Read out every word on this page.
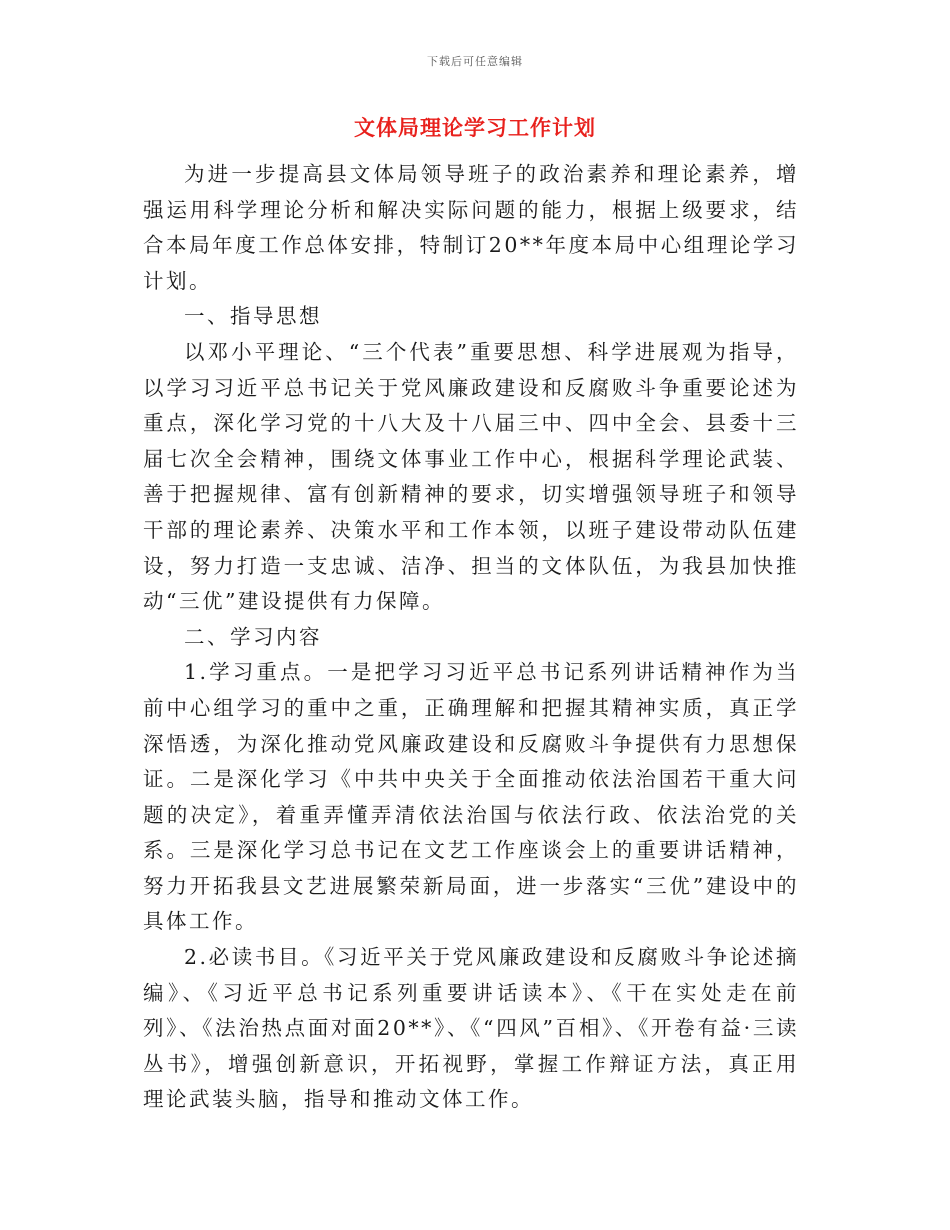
下载后可任意编辑
文体局理论学习工作计划

为进一步提高县文体局领导班子的政治素养和理论素养，增强运用科学理论分析和解决实际问题的能力，根据上级要求，结合本局年度工作总体安排，特制订20**年度本局中心组理论学习计划。

一、指导思想

以邓小平理论、“三个代表”重要思想、科学进展观为指导，以学习习近平总书记关于党风廉政建设和反腐败斗争重要论述为重点，深化学习党的十八大及十八届三中、四中全会、县委十三届七次全会精神，围绕文体事业工作中心，根据科学理论武装、善于把握规律、富有创新精神的要求，切实增强领导班子和领导干部的理论素养、决策水平和工作本领，以班子建设带动队伍建设，努力打造一支忠诚、洁净、担当的文体队伍，为我县加快推动“三优”建设提供有力保障。

二、学习内容

1.学习重点。一是把学习习近平总书记系列讲话精神作为当前中心组学习的重中之重，正确理解和把握其精神实质，真正学深悟透，为深化推动党风廉政建设和反腐败斗争提供有力思想保证。二是深化学习《中共中央关于全面推动依法治国若干重大问题的决定》，着重弄懂弄清依法治国与依法行政、依法治党的关系。三是深化学习总书记在文艺工作座谈会上的重要讲话精神，努力开拓我县文艺进展繁荣新局面，进一步落实“三优”建设中的具体工作。

2.必读书目。《习近平关于党风廉政建设和反腐败斗争论述摘编》、《习近平总书记系列重要讲话读本》、《干在实处走在前列》、《法治热点面对面20**》、《“四风”百相》、《开卷有益·三读丛书》，增强创新意识，开拓视野，掌握工作辩证方法，真正用理论武装头脑，指导和推动文体工作。
